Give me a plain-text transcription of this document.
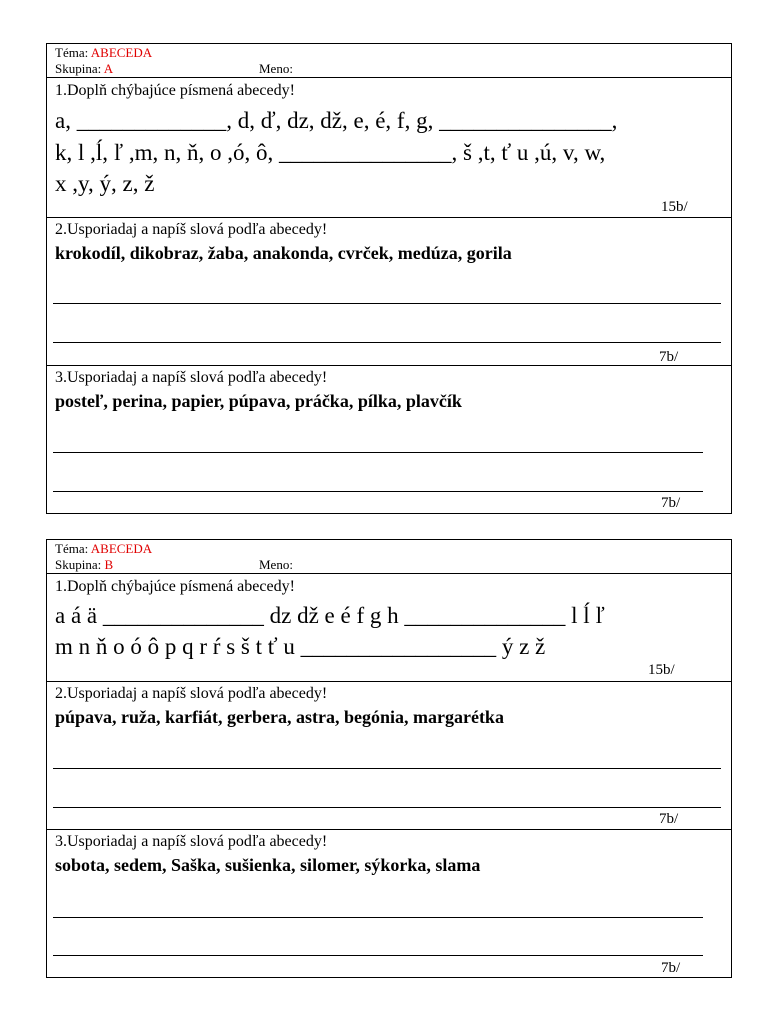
Téma: ABECEDA
Skupina: A	Meno:
1.Doplň chýbajúce písmená abecedy!
a, _____________, d, ď, dz, dž, e, é, f, g, _______________,
k, l ,ĺ, ľ ,m, n, ň, o ,ó, ô, _______________, š ,t, ť u ,ú, v, w,
x ,y, ý, z, ž
15b/
2.Usporiadaj a napíš slová podľa abecedy!
krokodíl, dikobraz, žaba, anakonda, cvrček, medúza, gorila
7b/
3.Usporiadaj a napíš slová podľa abecedy!
posteľ, perina, papier, púpava, práčka, pílka, plavčík
7b/
Téma: ABECEDA
Skupina: B	Meno:
1.Doplň chýbajúce písmená abecedy!
a á ä ______________ dz dž e é f g h ______________ l ĺ ľ
m n ň o ó ô p q r ŕ s š t ť u _________________ ý z ž
15b/
2.Usporiadaj a napíš slová podľa abecedy!
púpava, ruža, karfiát, gerbera, astra, begónia, margarétka
7b/
3.Usporiadaj a napíš slová podľa abecedy!
sobota, sedem, Saška, sušienka, silomer, sýkorka, slama
7b/
